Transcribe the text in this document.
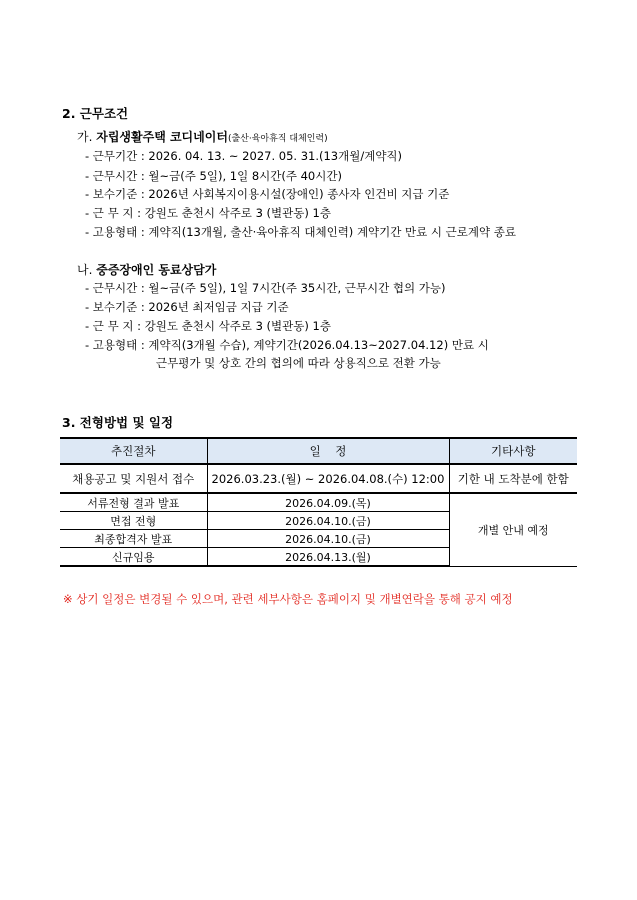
2. 근무조건
가. 자립생활주택 코디네이터(출산·육아휴직 대체인력)
- 근무기간 : 2026. 04. 13. ~ 2027. 05. 31.(13개월/계약직)
- 근무시간 : 월~금(주 5일), 1일 8시간(주 40시간)
- 보수기준 : 2026년 사회복지이용시설(장애인) 종사자 인건비 지급 기준
- 근 무 지 : 강원도 춘천시 삭주로 3 (별관동) 1층
- 고용형태 : 계약직(13개월, 출산·육아휴직 대체인력) 계약기간 만료 시 근로계약 종료
나. 중증장애인 동료상담가
- 근무시간 : 월~금(주 5일), 1일 7시간(주 35시간, 근무시간 협의 가능)
- 보수기준 : 2026년 최저임금 지급 기준
- 근 무 지 : 강원도 춘천시 삭주로 3 (별관동) 1층
- 고용형태 : 계약직(3개월 수습), 계약기간(2026.04.13~2027.04.12) 만료 시
근무평가 및 상호 간의 협의에 따라 상용직으로 전환 가능
3. 전형방법 및 일정
추진절차	일    정	기타사항
채용공고 및 지원서 접수	2026.03.23.(월) ~ 2026.04.08.(수) 12:00	기한 내 도착분에 한함
서류전형 결과 발표	2026.04.09.(목)	개별 안내 예정
면접 전형	2026.04.10.(금)	
최종합격자 발표	2026.04.10.(금)	
신규임용	2026.04.13.(월)	
※ 상기 일정은 변경될 수 있으며, 관련 세부사항은 홈페이지 및 개별연락을 통해 공지 예정
